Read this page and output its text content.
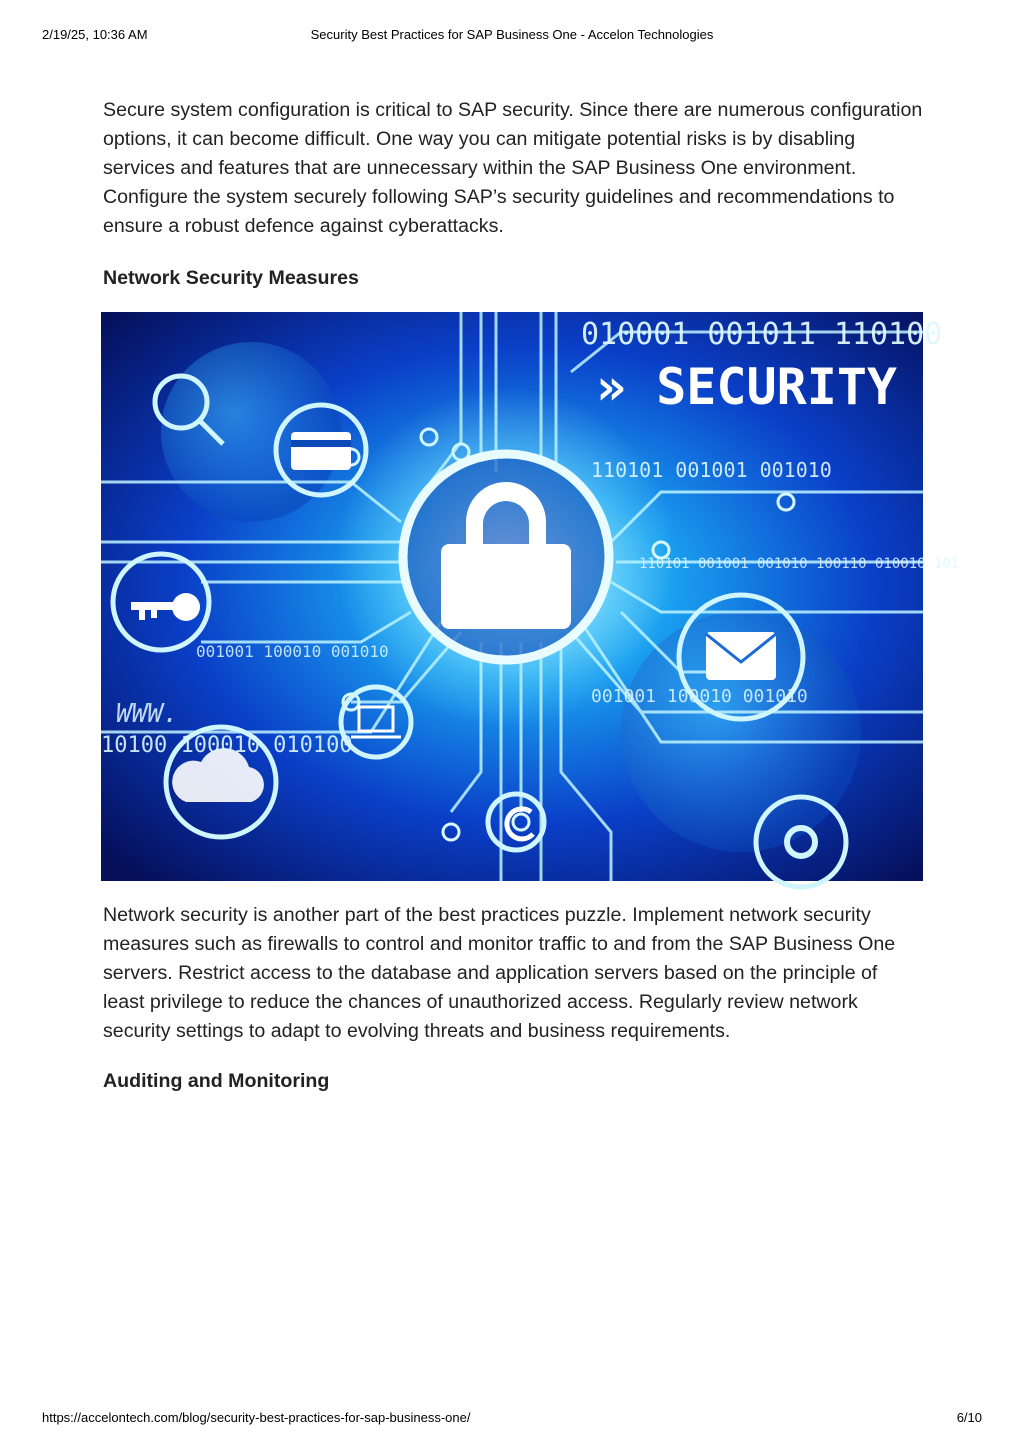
2/19/25, 10:36 AM	Security Best Practices for SAP Business One - Accelon Technologies

Secure system configuration is critical to SAP security. Since there are numerous configuration options, it can become difficult. One way you can mitigate potential risks is by disabling services and features that are unnecessary within the SAP Business One environment. Configure the system securely following SAP’s security guidelines and recommendations to ensure a robust defence against cyberattacks.

Network Security Measures
010001 001011 110100
» SECURITY «
110101 001001 001010
001001 100010 001010
10100 100010 010100
001001 100010 001010
110101 001001 001010 100110 010010 101
WWW.

Network security is another part of the best practices puzzle. Implement network security measures such as firewalls to control and monitor traffic to and from the SAP Business One servers. Restrict access to the database and application servers based on the principle of least privilege to reduce the chances of unauthorized access. Regularly review network security settings to adapt to evolving threats and business requirements.

Auditing and Monitoring
https://accelontech.com/blog/security-best-practices-for-sap-business-one/	6/10
